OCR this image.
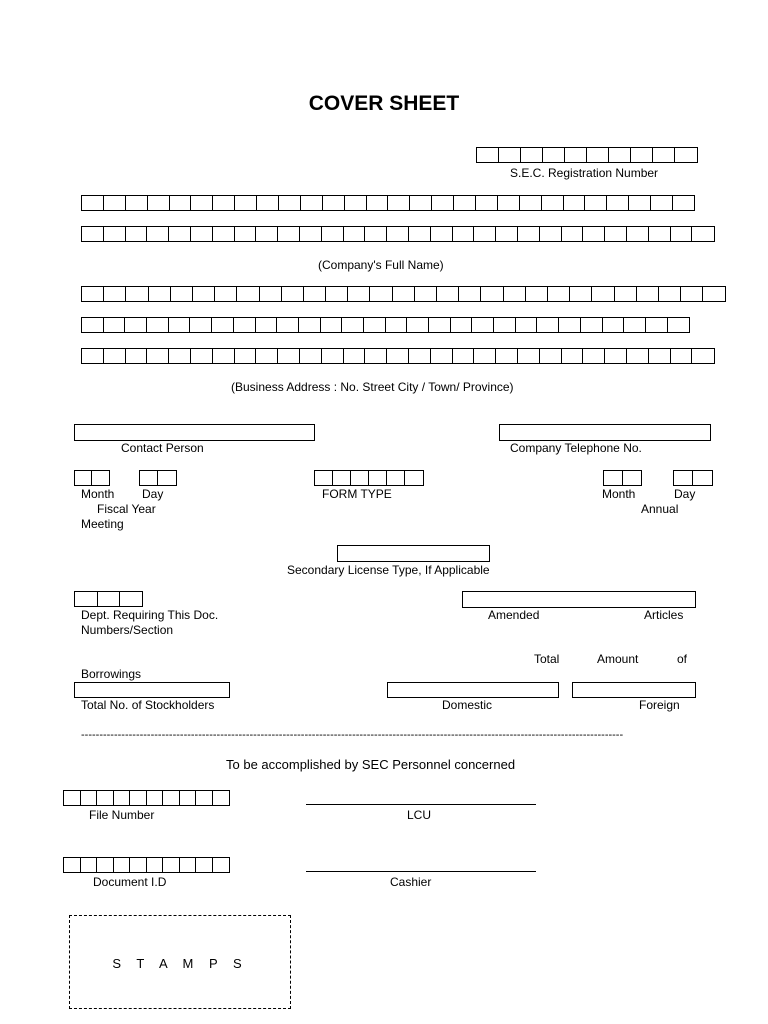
COVER SHEET
S.E.C. Registration Number
(Company's Full Name)
(Business Address : No. Street City / Town/ Province)
Contact Person	Company Telephone No.
Month Day
Fiscal Year
FORM TYPE	Month	Day
Annual
Meeting
Secondary License Type, If Applicable
Dept. Requiring This Doc.	Amended	Articles
Numbers/Section
Total	Amount	of
Borrowings
Total No. of Stockholders	Domestic	Foreign
----------------------------------------------------------------------------------------------------------------------------------------------------
To be accomplished by SEC Personnel concerned
File Number	LCU
Document I.D	Cashier
S T A M P S
